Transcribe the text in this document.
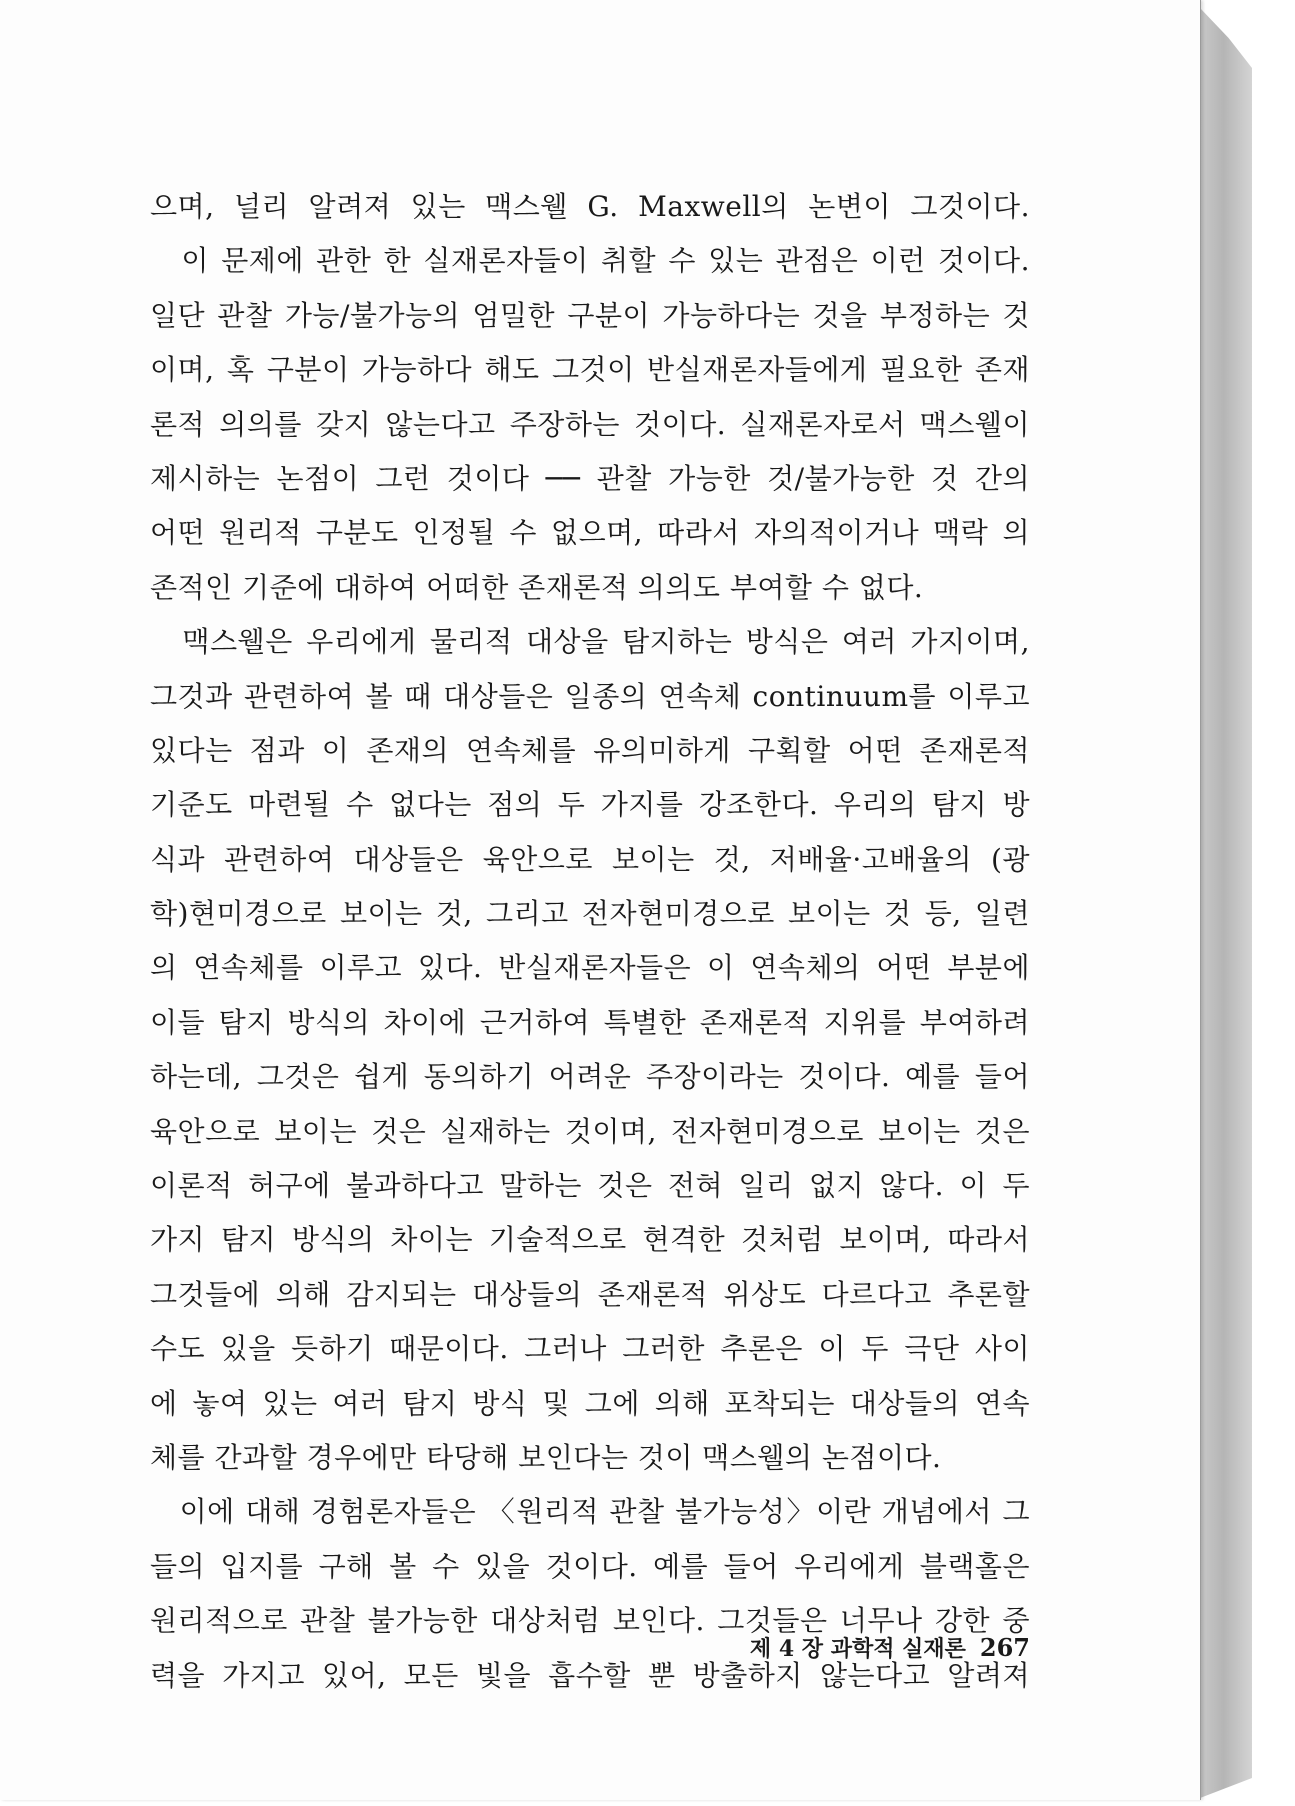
으며, 널리 알려져 있는 맥스웰 G. Maxwell의 논변이 그것이다.
　이 문제에 관한 한 실재론자들이 취할 수 있는 관점은 이런 것이다.
일단 관찰 가능/불가능의 엄밀한 구분이 가능하다는 것을 부정하는 것
이며, 혹 구분이 가능하다 해도 그것이 반실재론자들에게 필요한 존재
론적 의의를 갖지 않는다고 주장하는 것이다. 실재론자로서 맥스웰이
제시하는 논점이 그런 것이다 ── 관찰 가능한 것/불가능한 것 간의
어떤 원리적 구분도 인정될 수 없으며, 따라서 자의적이거나 맥락 의
존적인 기준에 대하여 어떠한 존재론적 의의도 부여할 수 없다.
　맥스웰은 우리에게 물리적 대상을 탐지하는 방식은 여러 가지이며,
그것과 관련하여 볼 때 대상들은 일종의 연속체 continuum를 이루고
있다는 점과 이 존재의 연속체를 유의미하게 구획할 어떤 존재론적
기준도 마련될 수 없다는 점의 두 가지를 강조한다. 우리의 탐지 방
식과 관련하여 대상들은 육안으로 보이는 것, 저배율·고배율의 (광
학)현미경으로 보이는 것, 그리고 전자현미경으로 보이는 것 등, 일련
의 연속체를 이루고 있다. 반실재론자들은 이 연속체의 어떤 부분에
이들 탐지 방식의 차이에 근거하여 특별한 존재론적 지위를 부여하려
하는데, 그것은 쉽게 동의하기 어려운 주장이라는 것이다. 예를 들어
육안으로 보이는 것은 실재하는 것이며, 전자현미경으로 보이는 것은
이론적 허구에 불과하다고 말하는 것은 전혀 일리 없지 않다. 이 두
가지 탐지 방식의 차이는 기술적으로 현격한 것처럼 보이며, 따라서
그것들에 의해 감지되는 대상들의 존재론적 위상도 다르다고 추론할
수도 있을 듯하기 때문이다. 그러나 그러한 추론은 이 두 극단 사이
에 놓여 있는 여러 탐지 방식 및 그에 의해 포착되는 대상들의 연속
체를 간과할 경우에만 타당해 보인다는 것이 맥스웰의 논점이다.
　이에 대해 경험론자들은 〈원리적 관찰 불가능성〉이란 개념에서 그
들의 입지를 구해 볼 수 있을 것이다. 예를 들어 우리에게 블랙홀은
원리적으로 관찰 불가능한 대상처럼 보인다. 그것들은 너무나 강한 중
력을 가지고 있어, 모든 빛을 흡수할 뿐 방출하지 않는다고 알려져
제 4 장 과학적 실재론 267
